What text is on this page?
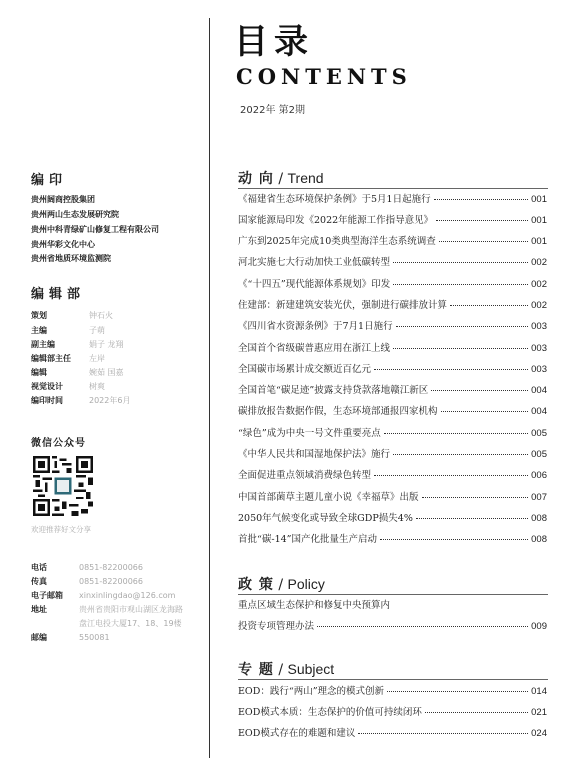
目录
CONTENTS
2022年 第2期
编印
贵州阔商控股集团
贵州两山生态发展研究院
贵州中科青绿矿山修复工程有限公司
贵州华彩文化中心
贵州省地质环境监测院
编辑部
策划	钟石火
主编	子萌
副主编	娟子 龙翔
编辑部主任	左岸
编辑	婉茹 国嘉
视觉设计	树爽
编印时间	2022年6月
微信公众号
欢迎推荐好文分享
电话	0851-82200066
传真	0851-82200066
电子邮箱 xinxinlingdao@126.com
地址	贵州省贵阳市观山湖区龙海路
盘江电投大厦17、18、19楼
邮编	550081
动 向 / Trend
《福建省生态环境保护条例》于5月1日起施行	001
国家能源局印发《2022年能源工作指导意见》	001
广东到2025年完成10类典型海洋生态系统调查	001
河北实施七大行动加快工业低碳转型	002
《“十四五”现代能源体系规划》印发	002
住建部：新建建筑安装光伏，强制进行碳排放计算	002
《四川省水资源条例》于7月1日施行	003
全国首个省级碳普惠应用在浙江上线	003
全国碳市场累计成交额近百亿元	003
全国首笔“碳足迹”披露支持贷款落地赣江新区	004
碳排放报告数据作假，生态环境部通报四家机构	004
“绿色”成为中央一号文件重要亮点	005
《中华人民共和国湿地保护法》施行	005
全面促进重点领域消费绿色转型	006
中国首部菌草主题儿童小说《幸福草》出版	007
2050年气候变化或导致全球GDP损失4%	008
首批“碳-14”国产化批量生产启动	008
政 策 / Policy
重点区域生态保护和修复中央预算内
投资专项管理办法	009
专 题 / Subject
EOD：践行“两山”理念的模式创新	014
EOD模式本质：生态保护的价值可持续闭环	021
EOD模式存在的难题和建议	024
